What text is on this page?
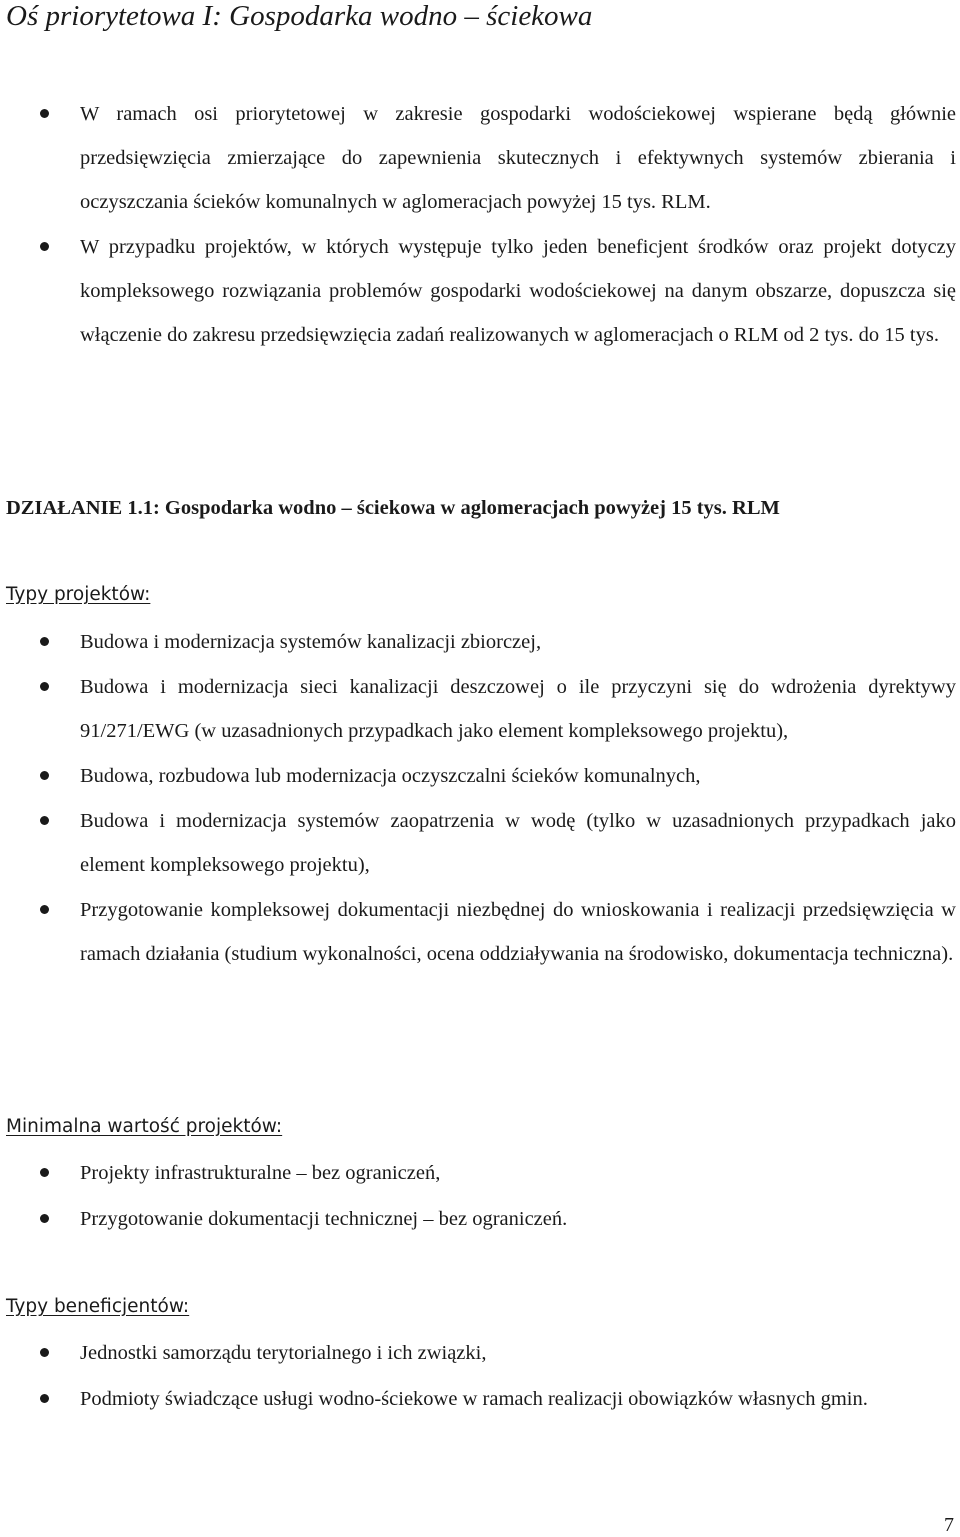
Oś priorytetowa I: Gospodarka wodno – ściekowa
W ramach osi priorytetowej w zakresie gospodarki wodościekowej wspierane będą głównie przedsięwzięcia zmierzające do zapewnienia skutecznych i efektywnych systemów zbierania i oczyszczania ścieków komunalnych w aglomeracjach powyżej 15 tys. RLM.
W przypadku projektów, w których występuje tylko jeden beneficjent środków oraz projekt dotyczy kompleksowego rozwiązania problemów gospodarki wodościekowej na danym obszarze, dopuszcza się włączenie do zakresu przedsięwzięcia zadań realizowanych w aglomeracjach o RLM od 2 tys. do 15 tys.
DZIAŁANIE 1.1: Gospodarka wodno – ściekowa w aglomeracjach powyżej 15 tys. RLM
Typy projektów:
Budowa i modernizacja systemów kanalizacji zbiorczej,
Budowa i modernizacja sieci kanalizacji deszczowej o ile przyczyni się do wdrożenia dyrektywy 91/271/EWG (w uzasadnionych przypadkach jako element kompleksowego projektu),
Budowa, rozbudowa lub modernizacja oczyszczalni ścieków komunalnych,
Budowa i modernizacja systemów zaopatrzenia w wodę (tylko w uzasadnionych przypadkach jako element kompleksowego projektu),
Przygotowanie kompleksowej dokumentacji niezbędnej do wnioskowania i realizacji przedsięwzięcia w ramach działania (studium wykonalności, ocena oddziaływania na środowisko, dokumentacja techniczna).
Minimalna wartość projektów:
Projekty infrastrukturalne – bez ograniczeń,
Przygotowanie dokumentacji technicznej – bez ograniczeń.
Typy beneficjentów:
Jednostki samorządu terytorialnego i ich związki,
Podmioty świadczące usługi wodno-ściekowe w ramach realizacji obowiązków własnych gmin.
7
